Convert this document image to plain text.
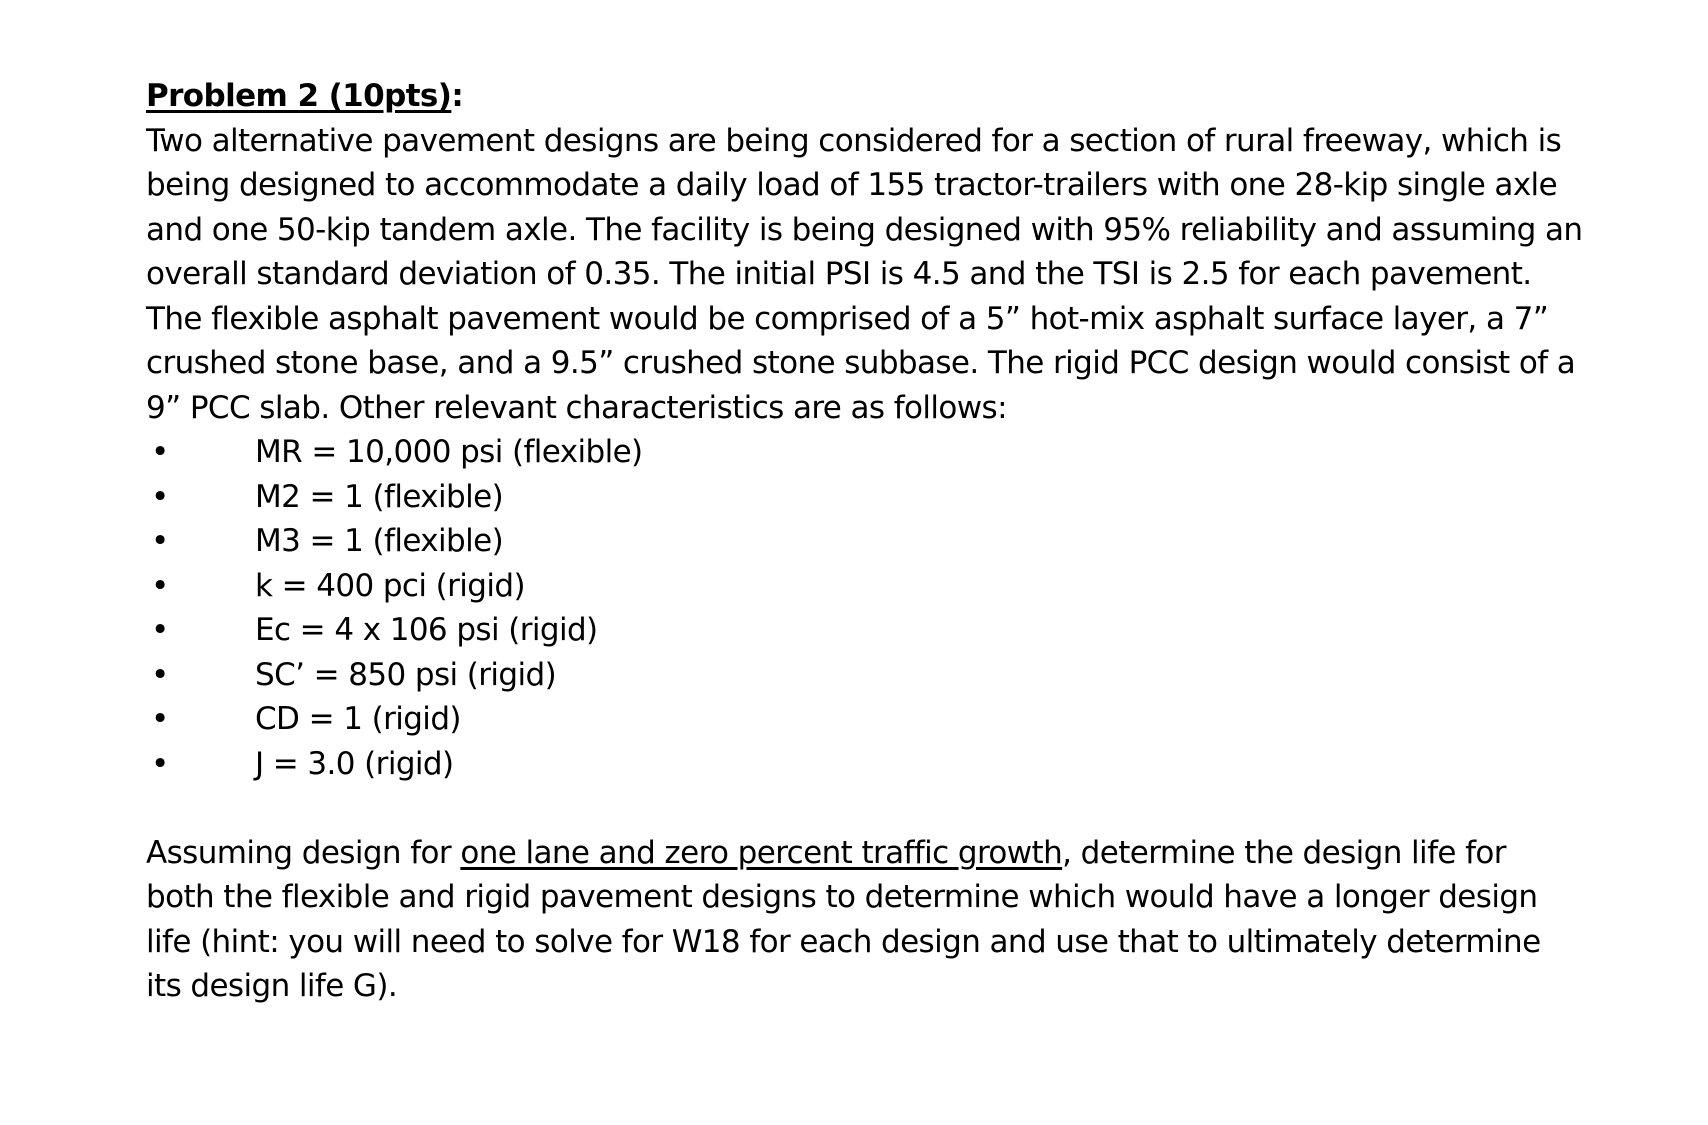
Problem 2 (10pts):

Two alternative pavement designs are being considered for a section of rural freeway, which is
being designed to accommodate a daily load of 155 tractor-trailers with one 28-kip single axle
and one 50-kip tandem axle. The facility is being designed with 95% reliability and assuming an
overall standard deviation of 0.35. The initial PSI is 4.5 and the TSI is 2.5 for each pavement.
The flexible asphalt pavement would be comprised of a 5” hot-mix asphalt surface layer, a 7”
crushed stone base, and a 9.5” crushed stone subbase. The rigid PCC design would consist of a
9” PCC slab. Other relevant characteristics are as follows:

•	MR = 10,000 psi (flexible)
•	M2 = 1 (flexible)
•	M3 = 1 (flexible)
•	k = 400 pci (rigid)
•	Ec = 4 x 106 psi (rigid)
•	SC’ = 850 psi (rigid)
•	CD = 1 (rigid)
•	J = 3.0 (rigid)

Assuming design for one lane and zero percent traffic growth, determine the design life for
both the flexible and rigid pavement designs to determine which would have a longer design
life (hint: you will need to solve for W18 for each design and use that to ultimately determine
its design life G).
